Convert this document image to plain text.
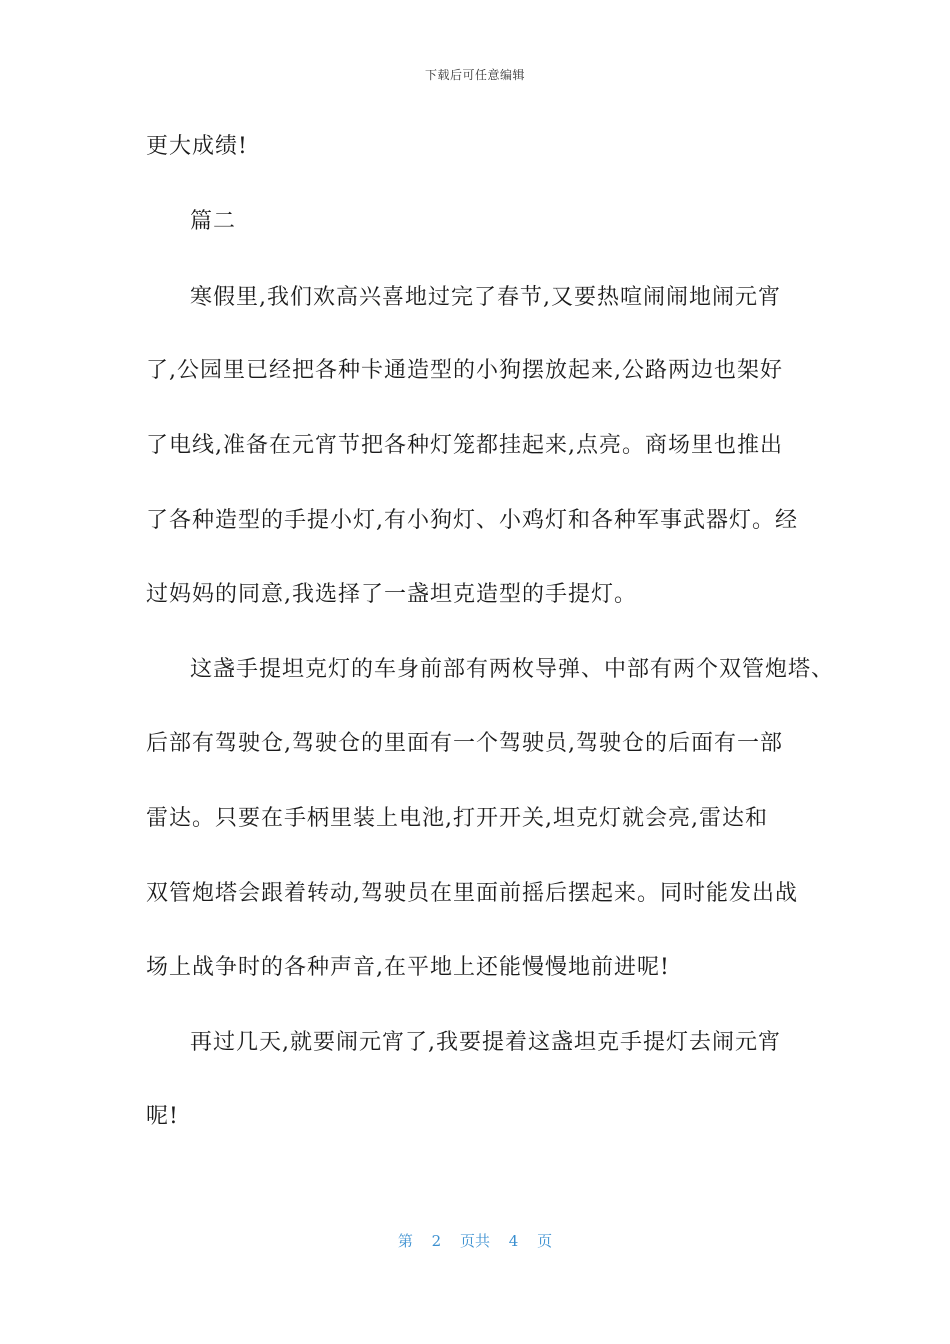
下载后可任意编辑
更大成绩!
篇二
寒假里,我们欢高兴喜地过完了春节,又要热喧闹闹地闹元宵
了,公园里已经把各种卡通造型的小狗摆放起来,公路两边也架好
了电线,准备在元宵节把各种灯笼都挂起来,点亮。商场里也推出
了各种造型的手提小灯,有小狗灯、小鸡灯和各种军事武器灯。经
过妈妈的同意,我选择了一盏坦克造型的手提灯。
这盏手提坦克灯的车身前部有两枚导弹、中部有两个双管炮塔、
后部有驾驶仓,驾驶仓的里面有一个驾驶员,驾驶仓的后面有一部
雷达。只要在手柄里装上电池,打开开关,坦克灯就会亮,雷达和
双管炮塔会跟着转动,驾驶员在里面前摇后摆起来。同时能发出战
场上战争时的各种声音,在平地上还能慢慢地前进呢!
再过几天,就要闹元宵了,我要提着这盏坦克手提灯去闹元宵
呢!
第 2 页共 4 页
